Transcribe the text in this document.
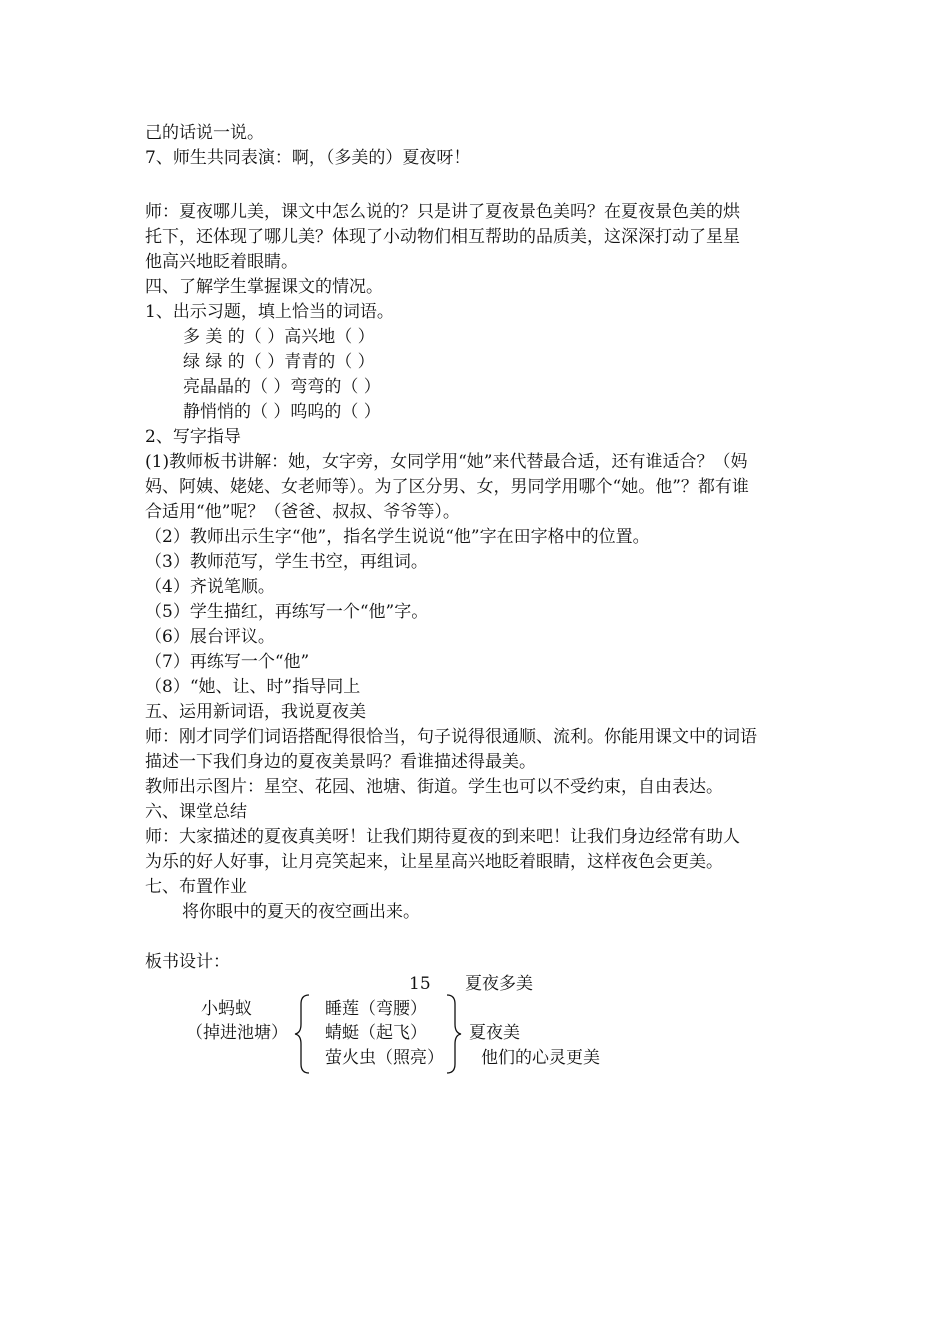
己的话说一说。
7、师生共同表演：啊，（多美的）夏夜呀！
师：夏夜哪儿美，课文中怎么说的？只是讲了夏夜景色美吗？在夏夜景色美的烘
托下，还体现了哪儿美？体现了小动物们相互帮助的品质美，这深深打动了星星
他高兴地眨着眼睛。
四、了解学生掌握课文的情况。
1、出示习题，填上恰当的词语。
多 美 的（ ）高兴地（ ）
绿 绿 的（ ）青青的（ ）
亮晶晶的（ ）弯弯的（ ）
静悄悄的（ ）呜呜的（ ）
2、写字指导
(1)教师板书讲解：她，女字旁，女同学用“她”来代替最合适，还有谁适合？（妈
妈、阿姨、姥姥、女老师等）。为了区分男、女，男同学用哪个“她。他”？都有谁
合适用“他”呢？（爸爸、叔叔、爷爷等）。
（2）教师出示生字“他”，指名学生说说“他”字在田字格中的位置。
（3）教师范写，学生书空，再组词。
（4）齐说笔顺。
（5）学生描红，再练写一个“他”字。
（6）展台评议。
（7）再练写一个“他”
（8）“她、让、时”指导同上
五、运用新词语，我说夏夜美
师：刚才同学们词语搭配得很恰当，句子说得很通顺、流利。你能用课文中的词语
描述一下我们身边的夏夜美景吗？看谁描述得最美。
教师出示图片：星空、花园、池塘、街道。学生也可以不受约束，自由表达。
六、课堂总结
师：大家描述的夏夜真美呀！让我们期待夏夜的到来吧！让我们身边经常有助人
为乐的好人好事，让月亮笑起来，让星星高兴地眨着眼睛，这样夜色会更美。
七、布置作业
将你眼中的夏天的夜空画出来。
板书设计：
15 夏夜多美
小蚂蚁
（掉进池塘）
睡莲（弯腰）
蜻蜓（起飞）
萤火虫（照亮）
夏夜美
他们的心灵更美
